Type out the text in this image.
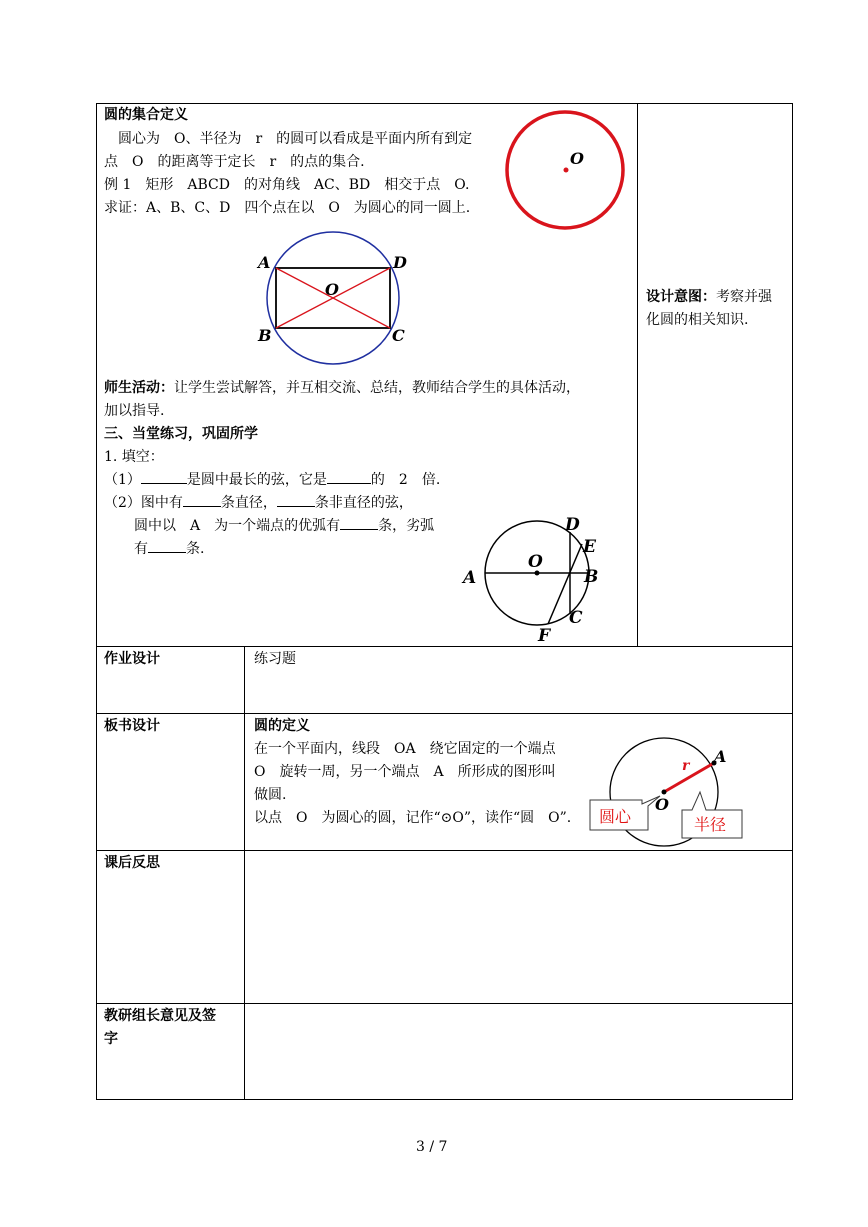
圆的集合定义
圆心为　O、半径为　r　的圆可以看成是平面内所有到定
点　O　的距离等于定长　r　的点的集合.
例 1　矩形　ABCD　的对角线　AC、BD　相交于点　O.
求证：A、B、C、D　四个点在以　O　为圆心的同一圆上.
O
A	D
B	C
O
师生活动：让学生尝试解答，并互相交流、总结，教师结合学生的具体活动，
加以指导.
三、当堂练习，巩固所学
1. 填空：
（1）	是圆中最长的弦，它是	的　2　倍.
（2）图中有	条直径，	条非直径的弦，
圆中以　A　为一个端点的优弧有	条，劣弧
有	条.
D
E
O
A	B
C
F
设计意图：考察并强
化圆的相关知识.
作业设计	练习题
板书设计	圆的定义
在一个平面内，线段　OA　绕它固定的一个端点
O　旋转一周，另一个端点　A　所形成的图形叫
做圆.
以点　O　为圆心的圆，记作“⊙O”，读作“圆　O”.
r A
O
圆心	半径
课后反思
教研组长意见及签
字
3 / 7
